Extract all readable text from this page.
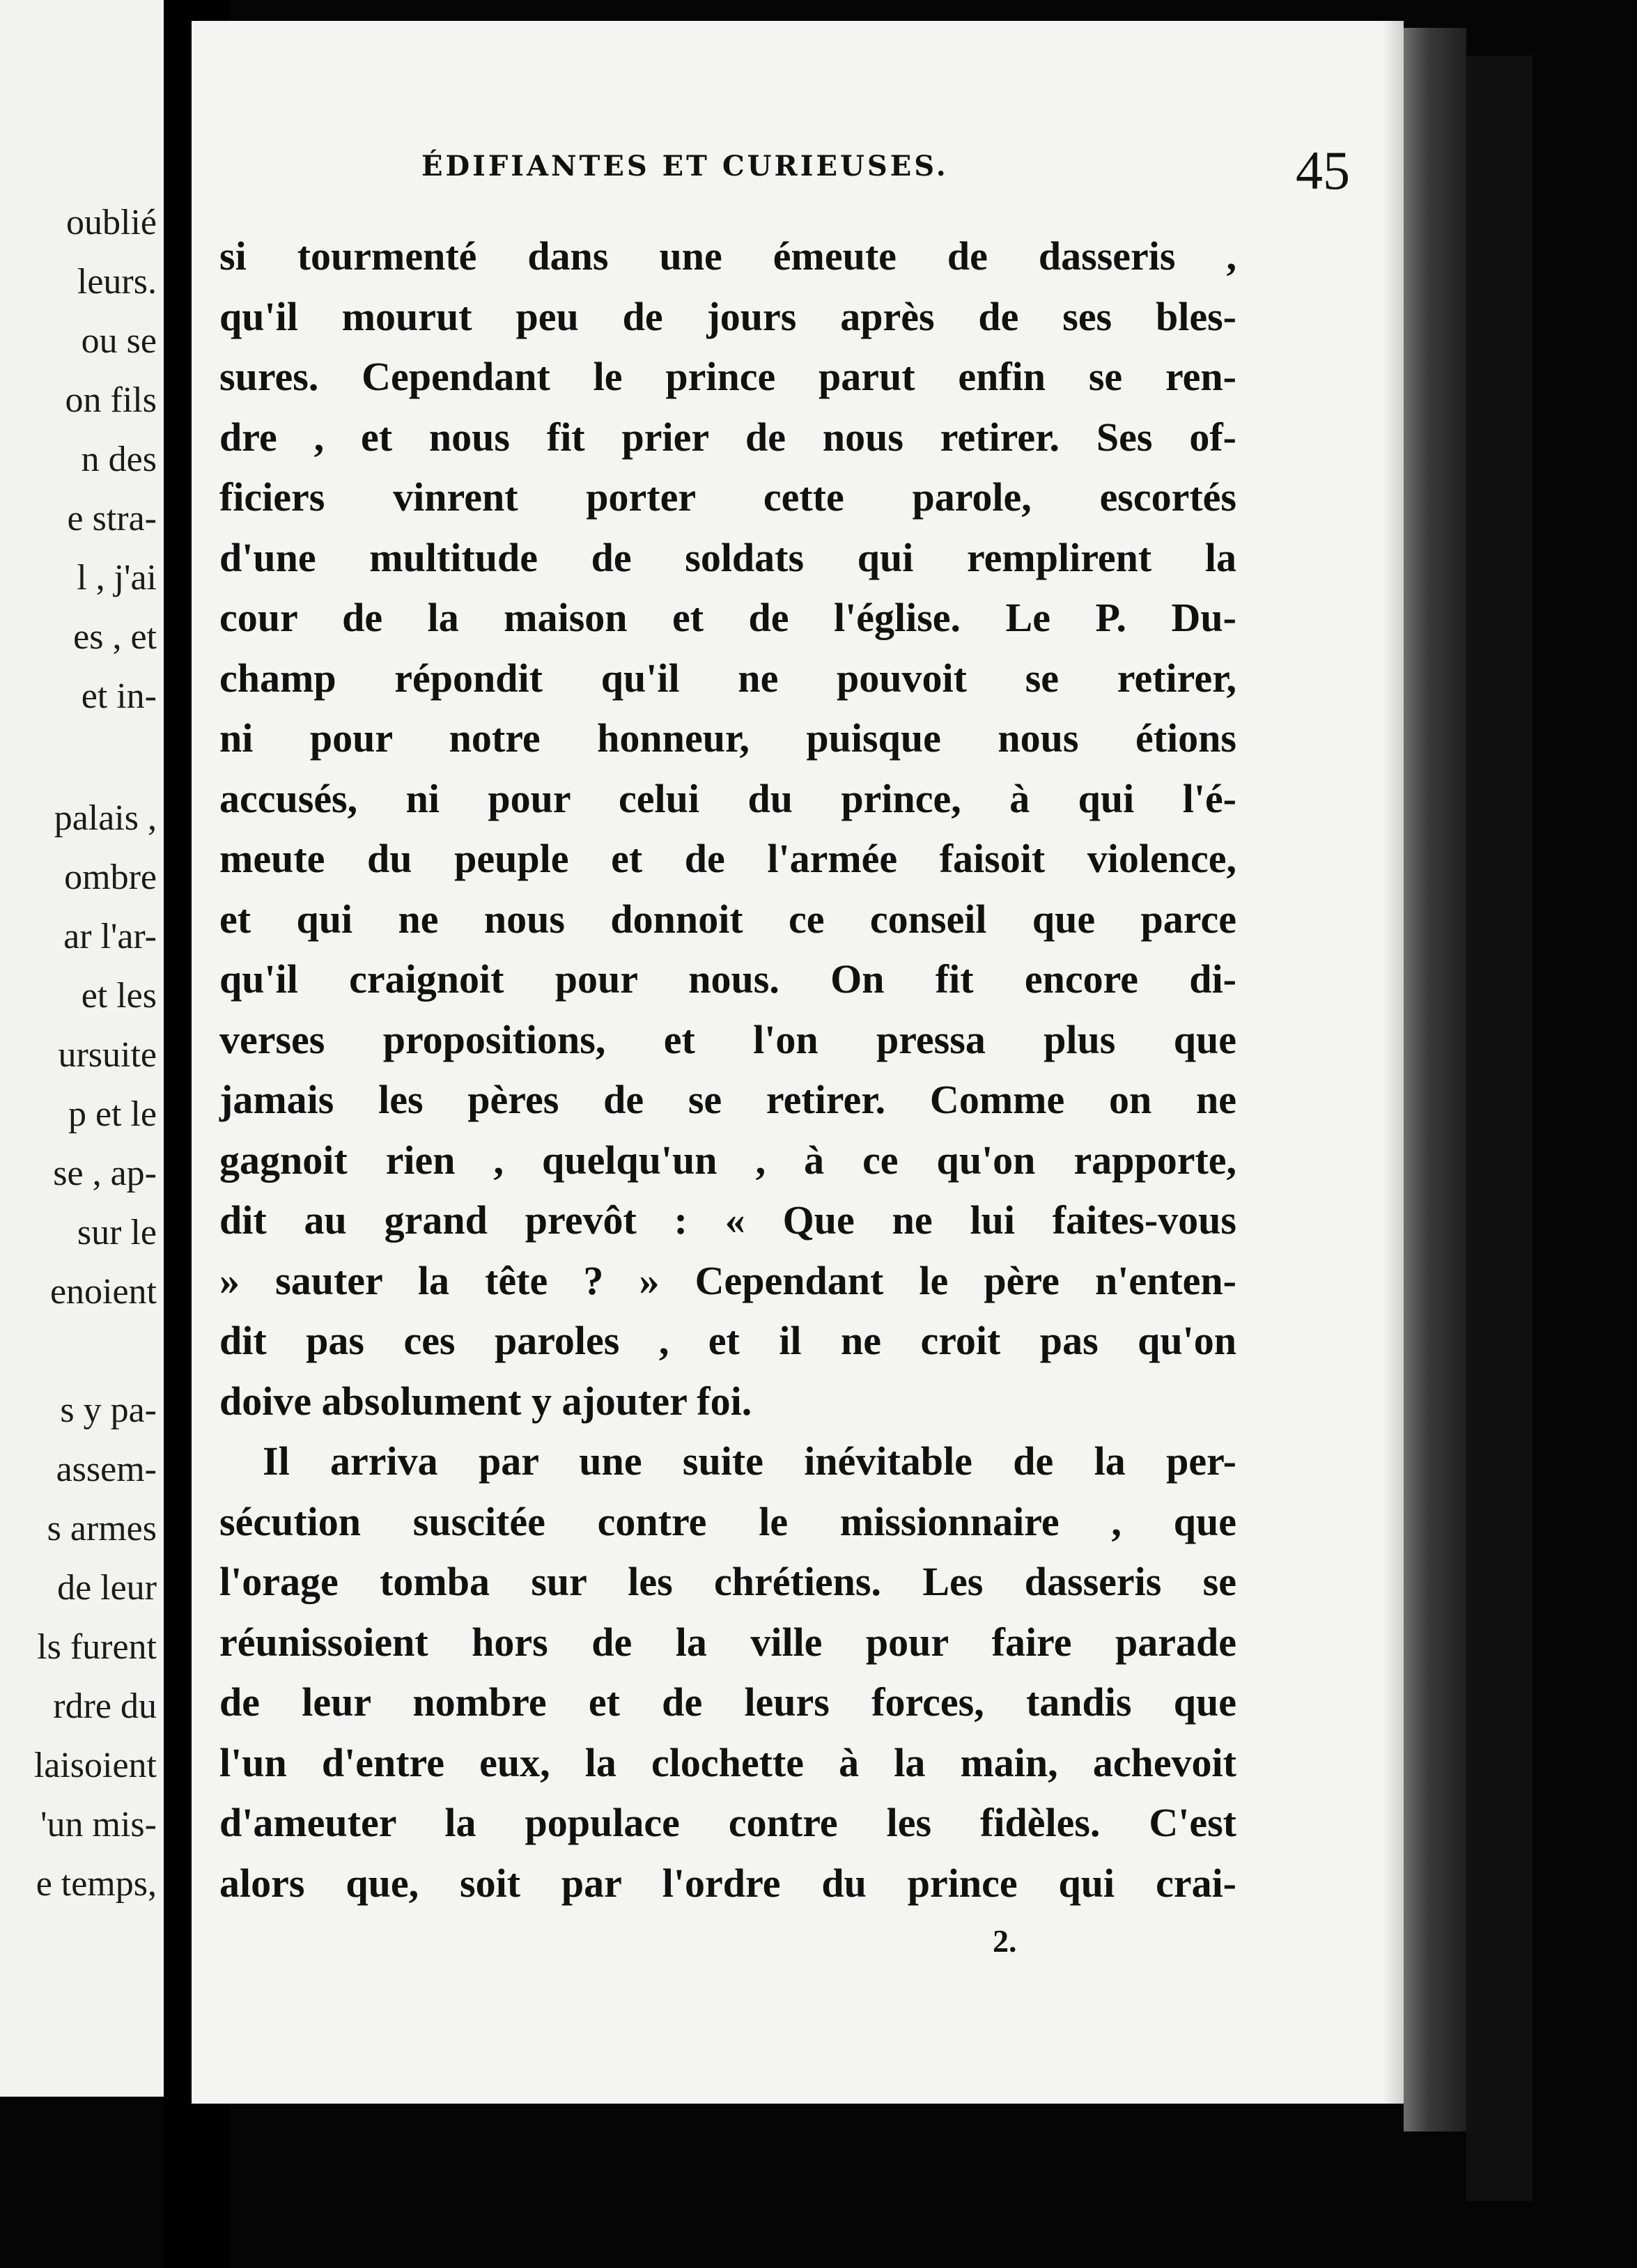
oublié
leurs.
ou se
on fils
n des
e stra-
l , j'ai
es , et
et in-
palais ,
ombre
ar l'ar-
et les
ursuite
p et le
se , ap-
sur le
enoient
s y pa-
assem-
s armes
de leur
ls furent
rdre du
laisoient
'un mis-
e temps,
ÉDIFIANTES ET CURIEUSES.	45
si tourmenté dans une émeute de dasseris ,
qu'il mourut peu de jours après de ses bles-
sures. Cependant le prince parut enfin se ren-
dre , et nous fit prier de nous retirer. Ses of-
ficiers vinrent porter cette parole, escortés
d'une multitude de soldats qui remplirent la
cour de la maison et de l'église. Le P. Du-
champ répondit qu'il ne pouvoit se retirer,
ni pour notre honneur, puisque nous étions
accusés, ni pour celui du prince, à qui l'é-
meute du peuple et de l'armée faisoit violence,
et qui ne nous donnoit ce conseil que parce
qu'il craignoit pour nous. On fit encore di-
verses propositions, et l'on pressa plus que
jamais les pères de se retirer. Comme on ne
gagnoit rien , quelqu'un , à ce qu'on rapporte,
dit au grand prevôt : « Que ne lui faites-vous
» sauter la tête ? » Cependant le père n'enten-
dit pas ces paroles , et il ne croit pas qu'on
doive absolument y ajouter foi.
Il arriva par une suite inévitable de la per-
sécution suscitée contre le missionnaire , que
l'orage tomba sur les chrétiens. Les dasseris se
réunissoient hors de la ville pour faire parade
de leur nombre et de leurs forces, tandis que
l'un d'entre eux, la clochette à la main, achevoit
d'ameuter la populace contre les fidèles. C'est
alors que, soit par l'ordre du prince qui crai-
2.
